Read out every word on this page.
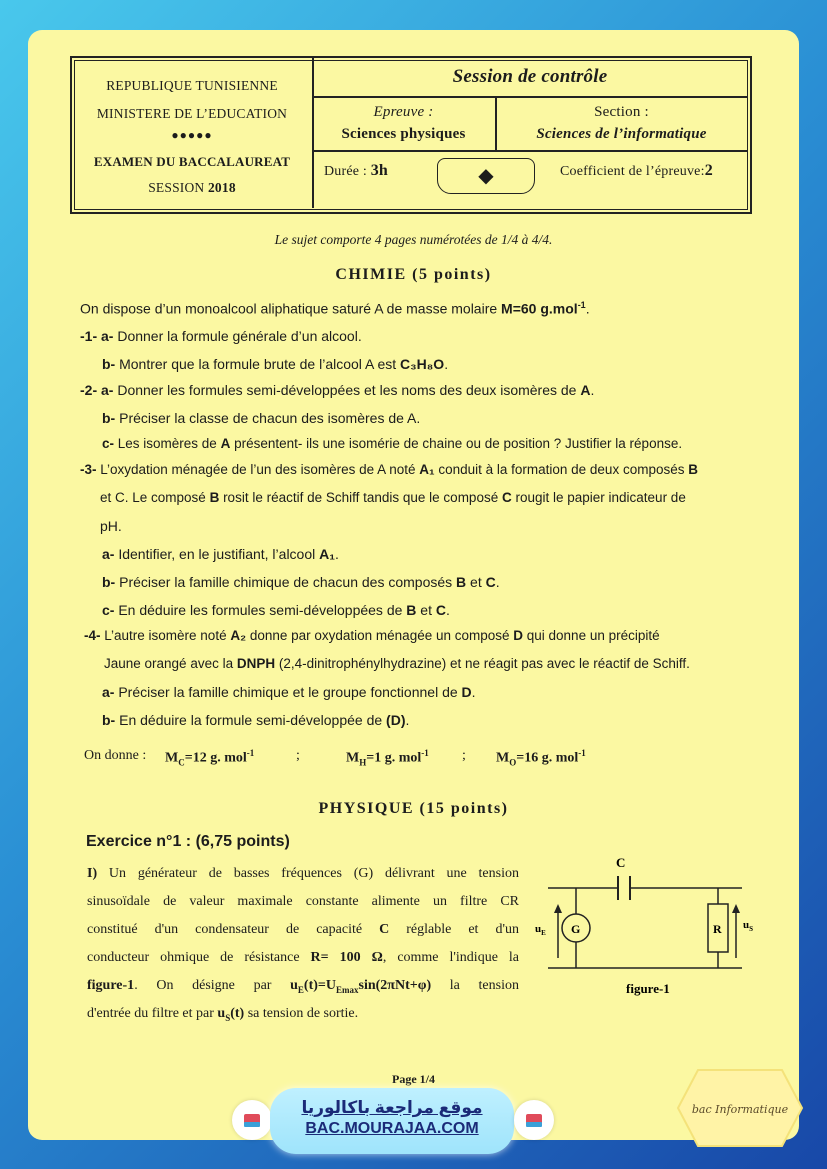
REPUBLIQUE TUNISIENNE
MINISTERE DE L’EDUCATION
●●●●●
EXAMEN DU BACCALAUREAT
SESSION 2018
Session de contrôle
Epreuve :
Sciences physiques
Section :
Sciences de l’informatique
Durée : 3h	◆	Coefficient de l’épreuve:2
Le sujet comporte 4 pages numérotées de 1/4 à 4/4.
CHIMIE (5 points)
On dispose d’un monoalcool aliphatique saturé A de masse molaire M=60 g.mol$^{-1}$.
-1- a- Donner la formule générale d’un alcool.
b- Montrer que la formule brute de l’alcool A est C₃H₈O.
-2- a- Donner les formules semi-développées et les noms des deux isomères de A.
b- Préciser la classe de chacun des isomères de A.
c- Les isomères de A présentent- ils une isomérie de chaine ou de position ? Justifier la réponse.
-3- L’oxydation ménagée de l’un des isomères de A noté A₁ conduit à la formation de deux composés B
et C. Le composé B rosit le réactif de Schiff tandis que le composé C rougit le papier indicateur de
pH.
a- Identifier, en le justifiant, l’alcool A₁.
b- Préciser la famille chimique de chacun des composés B et C.
c- En déduire les formules semi-développées de B et C.
-4- L’autre isomère noté A₂ donne par oxydation ménagée un composé D qui donne un précipité
Jaune orangé avec la DNPH (2,4-dinitrophénylhydrazine) et ne réagit pas avec le réactif de Schiff.
a- Préciser la famille chimique et le groupe fonctionnel de D.
b- En déduire la formule semi-développée de (D).
On donne : $M_C=12$ g. mol$^{-1}$	;	$M_H=1$ g. mol$^{-1}$ ; $M_O=16$ g. mol$^{-1}$
PHYSIQUE (15 points)
Exercice n°1 : (6,75 points)
I) Un générateur de basses fréquences (G) délivrant une tension
sinusoïdale de valeur maximale constante alimente un filtre CR
constitué d'un condensateur de capacité C réglable et d'un
conducteur ohmique de résistance R= 100 Ω, comme l'indique la
figure-1. On désigne par $u_E(t)=U_{Emax}\sin(2\pi Nt+\varphi)$ la tension
d'entrée du filtre et par $u_S(t)$ sa tension de sortie.
C
G	R
$u_E$
$u_S$
figure-1
Page 1/4
موقع مراجعة باكالوريا
BAC.MOURAJAA.COM
bac Informatique
